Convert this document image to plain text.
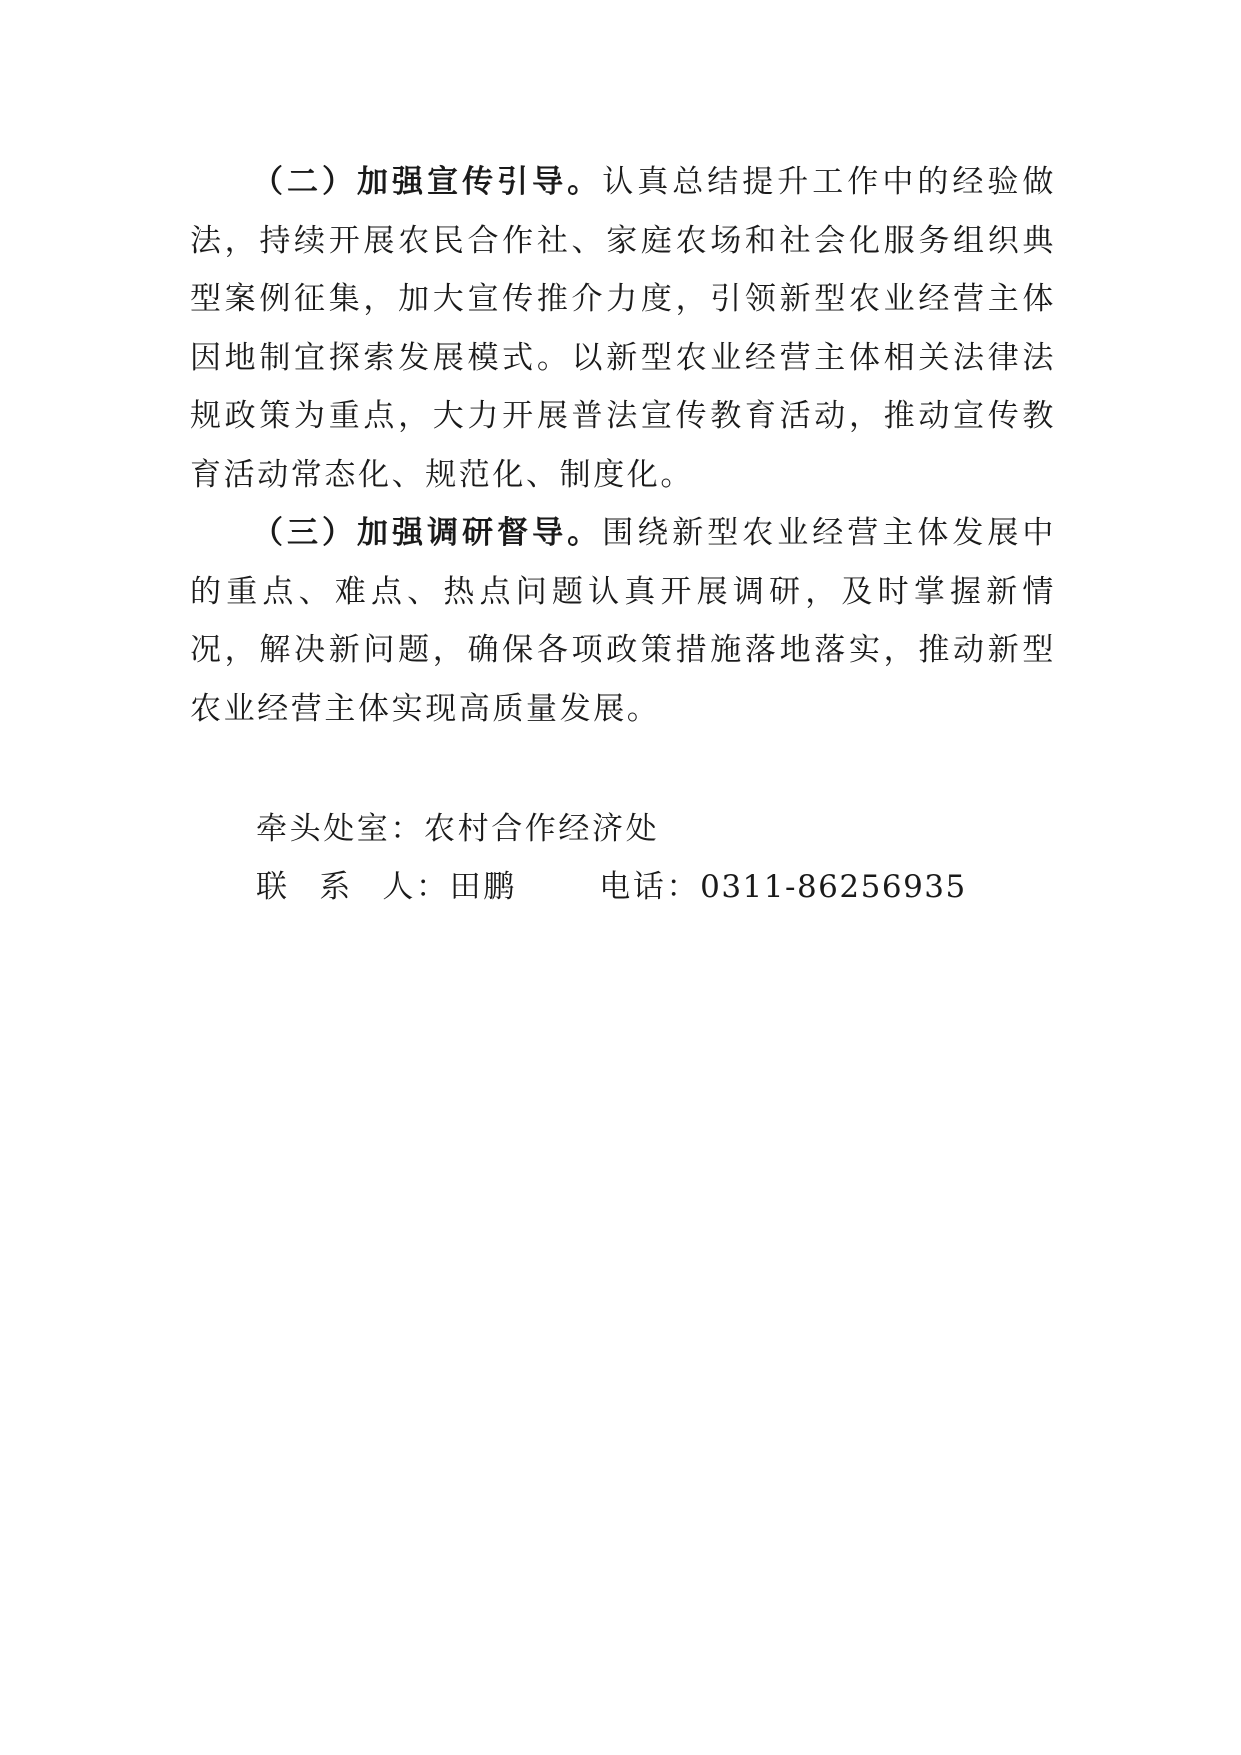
（二）加强宣传引导。认真总结提升工作中的经验做法，持续开展农民合作社、家庭农场和社会化服务组织典型案例征集，加大宣传推介力度，引领新型农业经营主体因地制宜探索发展模式。以新型农业经营主体相关法律法规政策为重点，大力开展普法宣传教育活动，推动宣传教育活动常态化、规范化、制度化。

（三）加强调研督导。围绕新型农业经营主体发展中的重点、难点、热点问题认真开展调研，及时掌握新情况，解决新问题，确保各项政策措施落地落实，推动新型农业经营主体实现高质量发展。

牵头处室：农村合作经济处
联系人：田鹏	电话：0311-86256935
